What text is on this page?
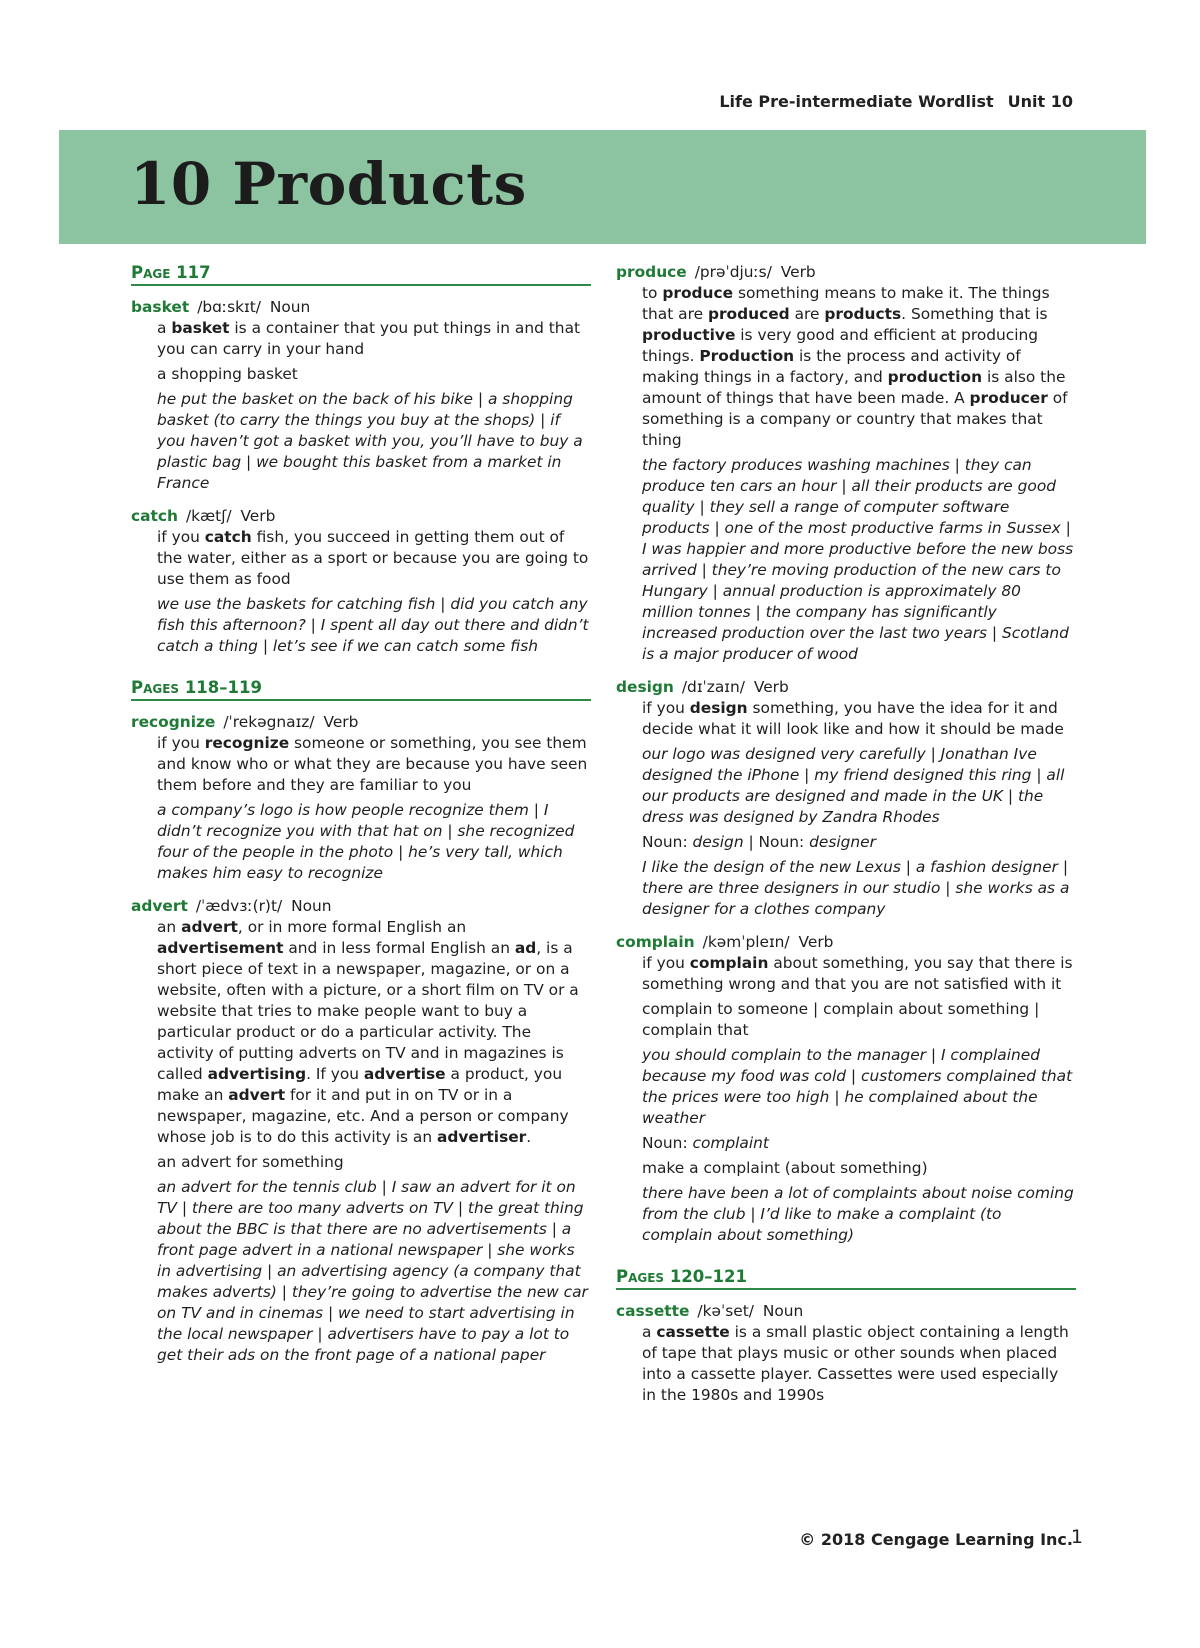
Life Pre-intermediate Wordlist Unit 10
10 Products
Page 117
basket /bɑːskɪt/ Noun
a basket is a container that you put things in and that you can carry in your hand
a shopping basket
he put the basket on the back of his bike | a shopping basket (to carry the things you buy at the shops) | if you haven’t got a basket with you, you’ll have to buy a plastic bag | we bought this basket from a market in France
catch /kætʃ/ Verb
if you catch fish, you succeed in getting them out of the water, either as a sport or because you are going to use them as food
we use the baskets for catching fish | did you catch any fish this afternoon? | I spent all day out there and didn’t catch a thing | let’s see if we can catch some fish
Pages 118–119
recognize /ˈrekəgnaɪz/ Verb
if you recognize someone or something, you see them and know who or what they are because you have seen them before and they are familiar to you
a company’s logo is how people recognize them | I didn’t recognize you with that hat on | she recognized four of the people in the photo | he’s very tall, which makes him easy to recognize
advert /ˈædvɜː(r)t/ Noun
an advert, or in more formal English an advertisement and in less formal English an ad, is a short piece of text in a newspaper, magazine, or on a website, often with a picture, or a short film on TV or a website that tries to make people want to buy a particular product or do a particular activity. The activity of putting adverts on TV and in magazines is called advertising. If you advertise a product, you make an advert for it and put in on TV or in a newspaper, magazine, etc. And a person or company whose job is to do this activity is an advertiser.
an advert for something
an advert for the tennis club | I saw an advert for it on TV | there are too many adverts on TV | the great thing about the BBC is that there are no advertisements | a front page advert in a national newspaper | she works in advertising | an advertising agency (a company that makes adverts) | they’re going to advertise the new car on TV and in cinemas | we need to start advertising in the local newspaper | advertisers have to pay a lot to get their ads on the front page of a national paper
produce /prəˈdjuːs/ Verb
to produce something means to make it. The things that are produced are products. Something that is productive is very good and efficient at producing things. Production is the process and activity of making things in a factory, and production is also the amount of things that have been made. A producer of something is a company or country that makes that thing
the factory produces washing machines | they can produce ten cars an hour | all their products are good quality | they sell a range of computer software products | one of the most productive farms in Sussex | I was happier and more productive before the new boss arrived | they’re moving production of the new cars to Hungary | annual production is approximately 80 million tonnes | the company has significantly increased production over the last two years | Scotland is a major producer of wood
design /dɪˈzaɪn/ Verb
if you design something, you have the idea for it and decide what it will look like and how it should be made
our logo was designed very carefully | Jonathan Ive designed the iPhone | my friend designed this ring | all our products are designed and made in the UK | the dress was designed by Zandra Rhodes
Noun: design | Noun: designer
I like the design of the new Lexus | a fashion designer | there are three designers in our studio | she works as a designer for a clothes company
complain /kəmˈpleɪn/ Verb
if you complain about something, you say that there is something wrong and that you are not satisfied with it
complain to someone | complain about something | complain that
you should complain to the manager | I complained because my food was cold | customers complained that the prices were too high | he complained about the weather
Noun: complaint
make a complaint (about something)
there have been a lot of complaints about noise coming from the club | I’d like to make a complaint (to complain about something)
Pages 120–121
cassette /kəˈset/ Noun
a cassette is a small plastic object containing a length of tape that plays music or other sounds when placed into a cassette player. Cassettes were used especially in the 1980s and 1990s
© 2018 Cengage Learning Inc.
1
